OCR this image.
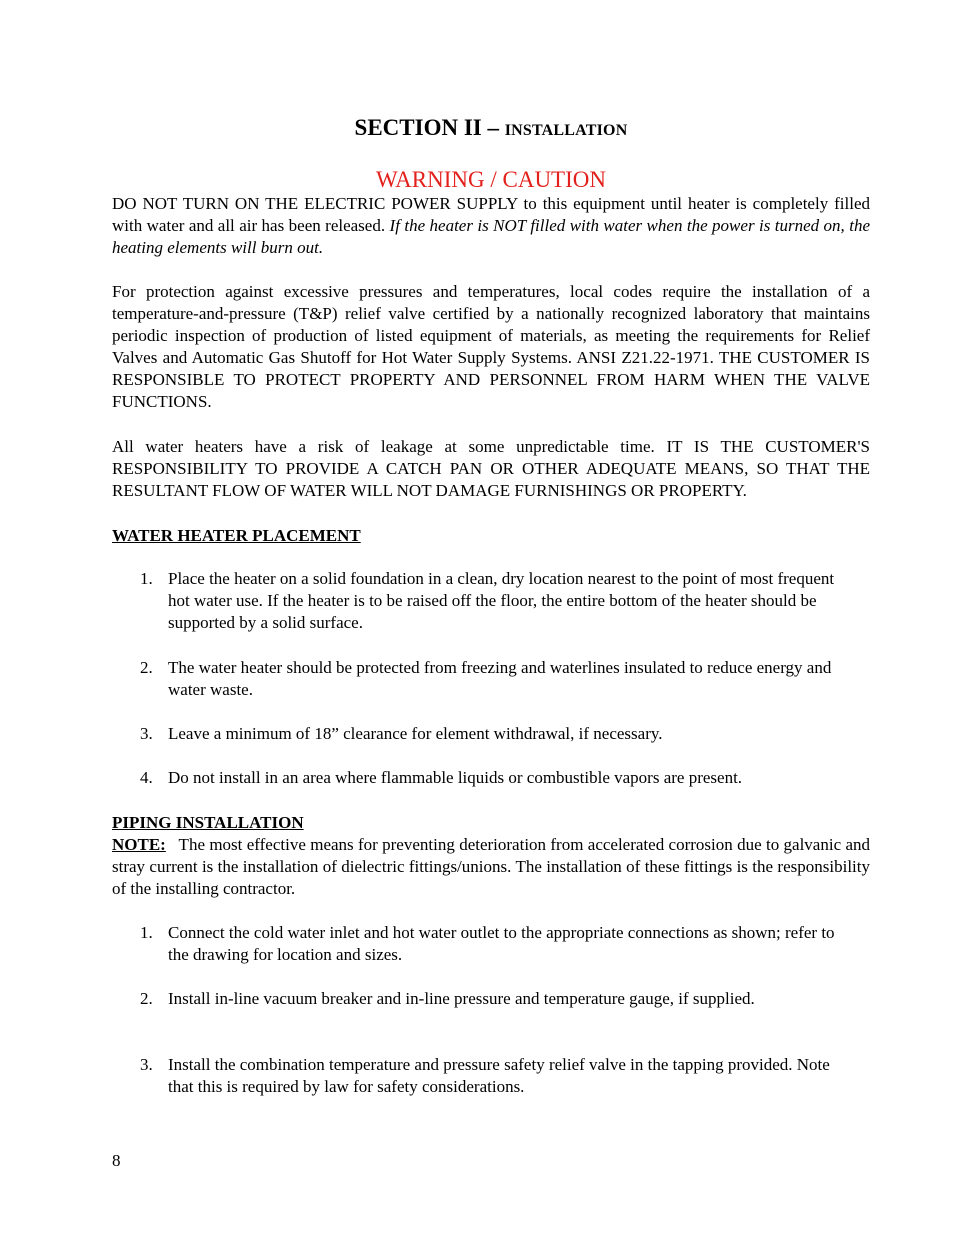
SECTION II – INSTALLATION
WARNING / CAUTION

DO NOT TURN ON THE ELECTRIC POWER SUPPLY to this equipment until heater is completely filled with water and all air has been released. If the heater is NOT filled with water when the power is turned on, the heating elements will burn out.

For protection against excessive pressures and temperatures, local codes require the installation of a temperature-and-pressure (T&P) relief valve certified by a nationally recognized laboratory that maintains periodic inspection of production of listed equipment of materials, as meeting the requirements for Relief Valves and Automatic Gas Shutoff for Hot Water Supply Systems. ANSI Z21.22-1971. THE CUSTOMER IS RESPONSIBLE TO PROTECT PROPERTY AND PERSONNEL FROM HARM WHEN THE VALVE FUNCTIONS.

All water heaters have a risk of leakage at some unpredictable time. IT IS THE CUSTOMER'S RESPONSIBILITY TO PROVIDE A CATCH PAN OR OTHER ADEQUATE MEANS, SO THAT THE RESULTANT FLOW OF WATER WILL NOT DAMAGE FURNISHINGS OR PROPERTY.

WATER HEATER PLACEMENT

1. Place the heater on a solid foundation in a clean, dry location nearest to the point of most frequent hot water use. If the heater is to be raised off the floor, the entire bottom of the heater should be supported by a solid surface.
2. The water heater should be protected from freezing and waterlines insulated to reduce energy and water waste.
3. Leave a minimum of 18” clearance for element withdrawal, if necessary.
4. Do not install in an area where flammable liquids or combustible vapors are present.

PIPING INSTALLATION

NOTE:   The most effective means for preventing deterioration from accelerated corrosion due to galvanic and stray current is the installation of dielectric fittings/unions. The installation of these fittings is the responsibility of the installing contractor.

1. Connect the cold water inlet and hot water outlet to the appropriate connections as shown; refer to the drawing for location and sizes.
2. Install in-line vacuum breaker and in-line pressure and temperature gauge, if supplied.
3. Install the combination temperature and pressure safety relief valve in the tapping provided. Note that this is required by law for safety considerations.
8
